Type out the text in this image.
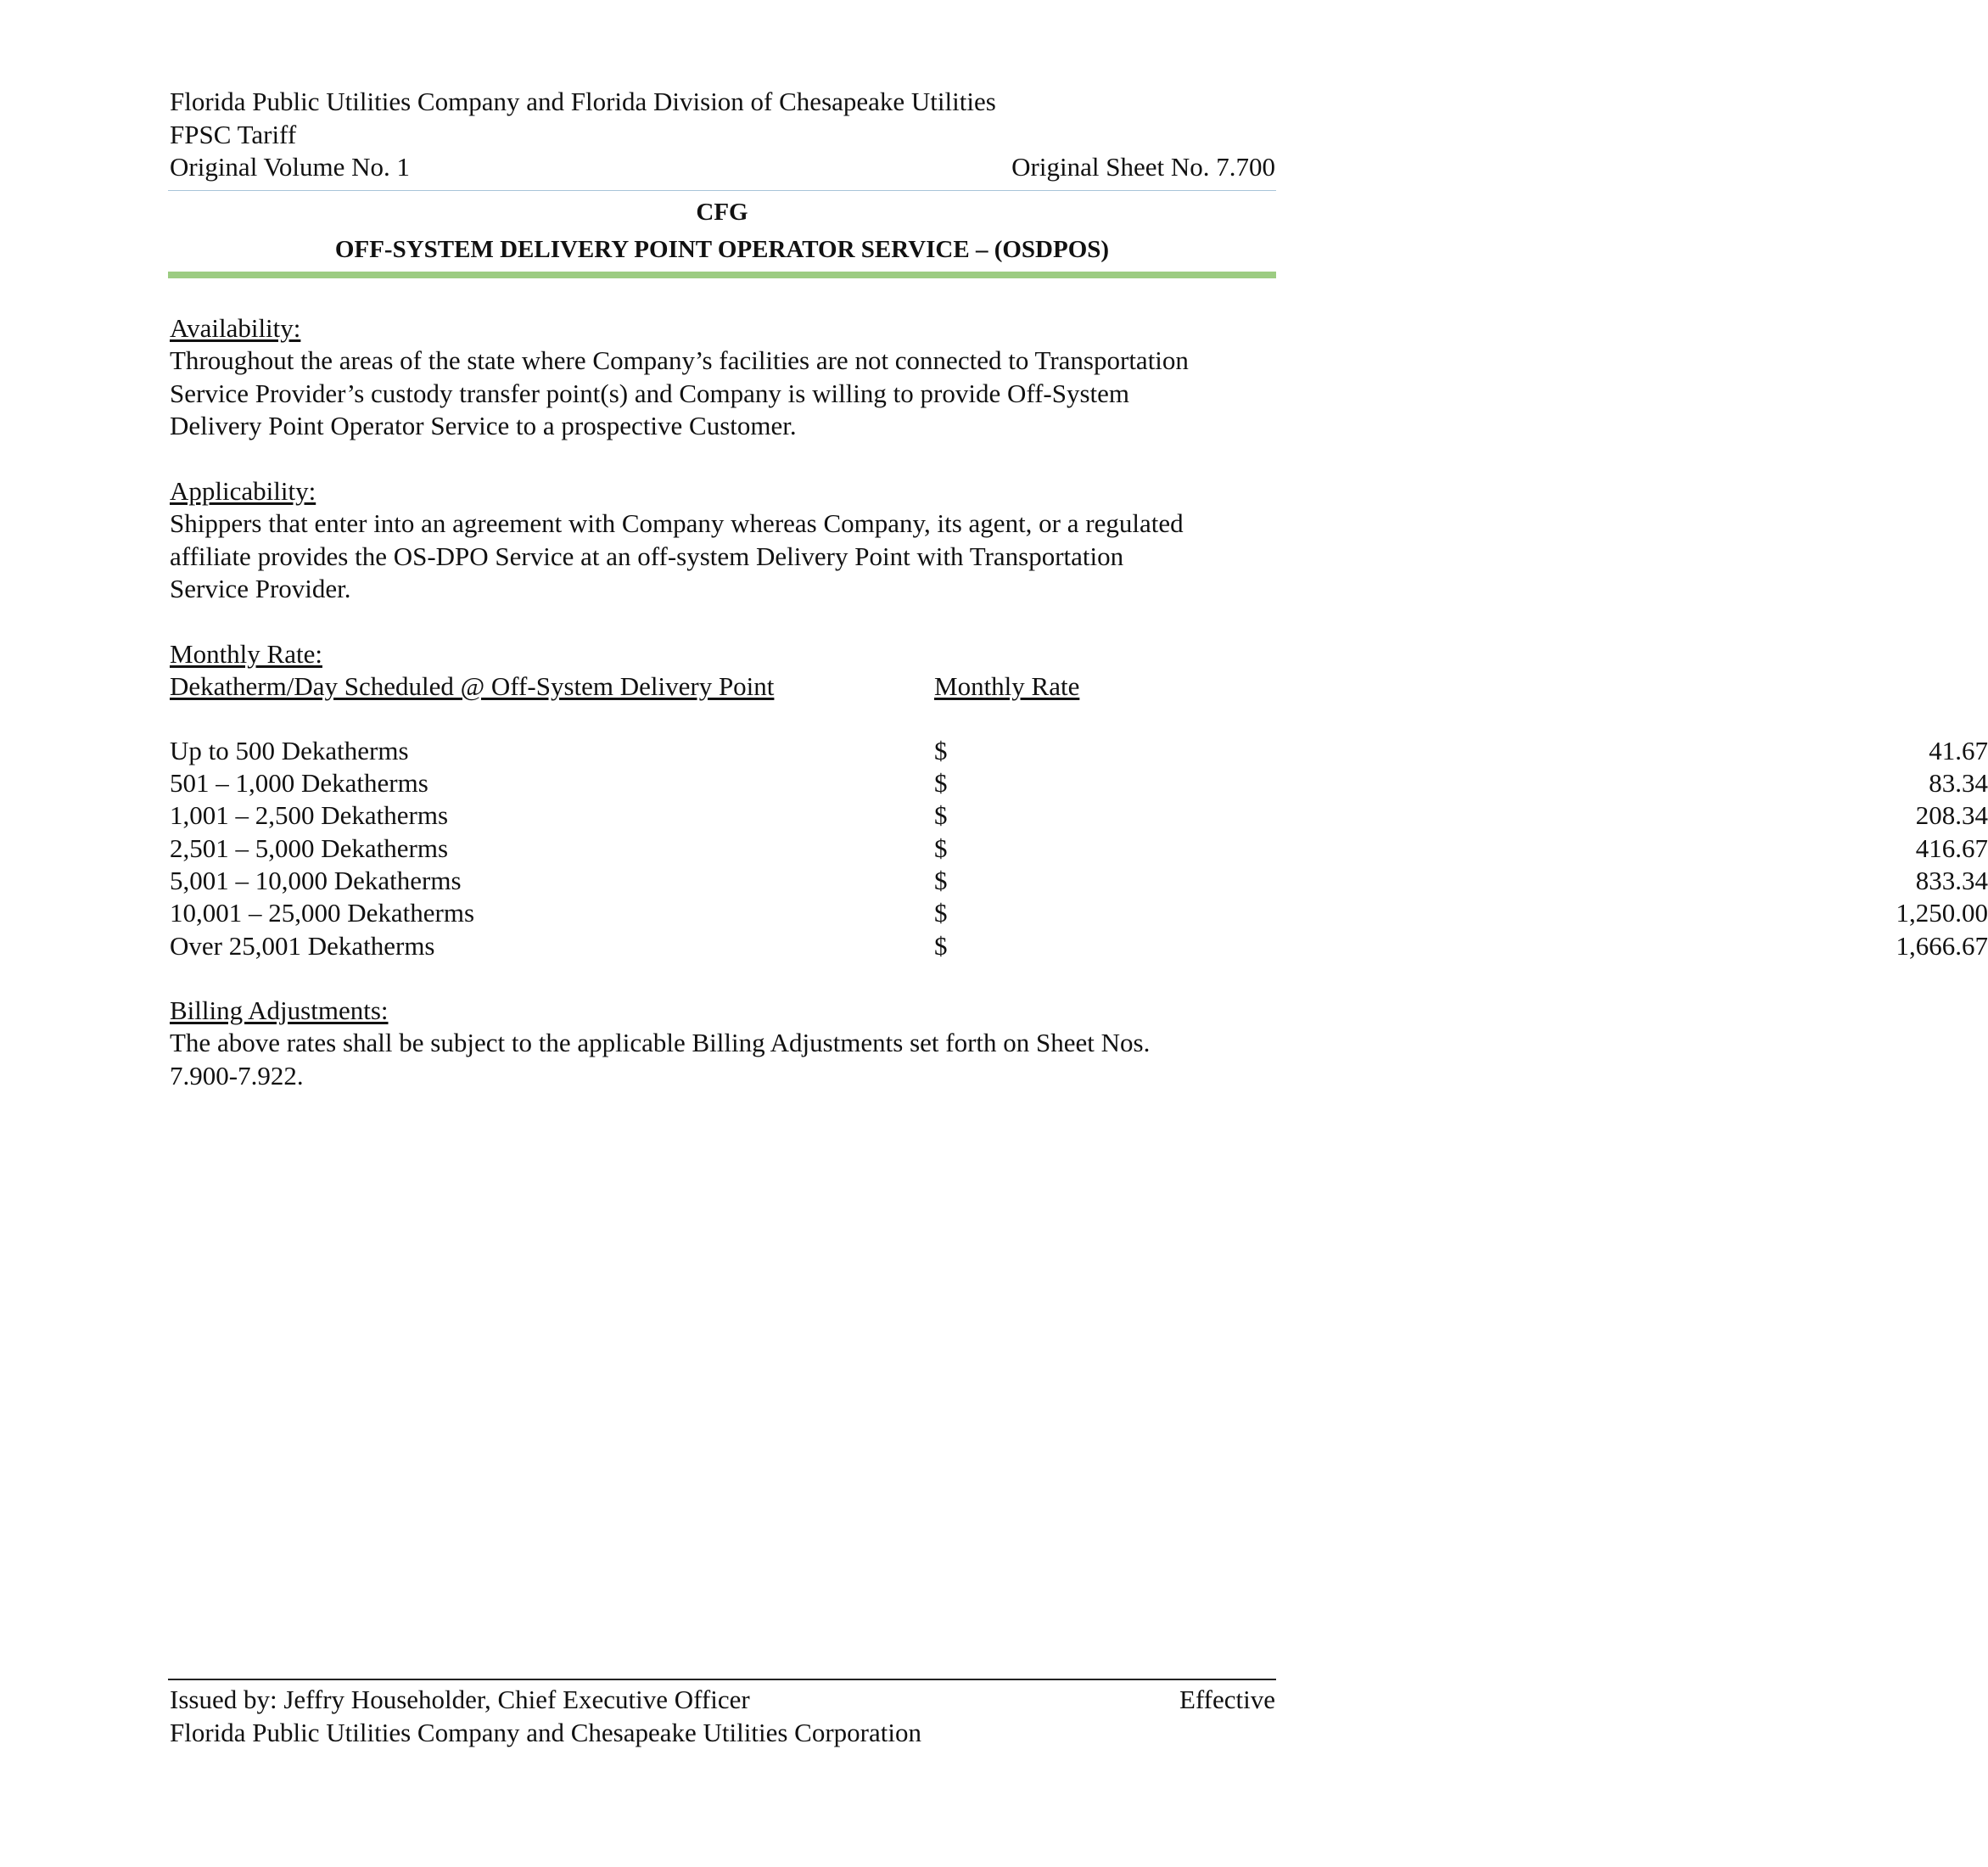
Florida Public Utilities Company and Florida Division of Chesapeake Utilities
FPSC Tariff
Original Volume No. 1	Original Sheet No. 7.700
CFG
OFF-SYSTEM DELIVERY POINT OPERATOR SERVICE – (OSDPOS)
Availability:
Throughout the areas of the state where Company’s facilities are not connected to Transportation
Service Provider’s custody transfer point(s) and Company is willing to provide Off-System
Delivery Point Operator Service to a prospective Customer.
Applicability:
Shippers that enter into an agreement with Company whereas Company, its agent, or a regulated
affiliate provides the OS-DPO Service at an off-system Delivery Point with Transportation
Service Provider.
Monthly Rate:
Dekatherm/Day Scheduled @ Off-System Delivery Point	Monthly Rate
Up to 500 Dekatherms	$	41.67
501 – 1,000 Dekatherms	$	83.34
1,001 – 2,500 Dekatherms	$	208.34
2,501 – 5,000 Dekatherms	$	416.67
5,001 – 10,000 Dekatherms	$	833.34
10,001 – 25,000 Dekatherms	$	1,250.00
Over 25,001 Dekatherms	$	1,666.67
Billing Adjustments:
The above rates shall be subject to the applicable Billing Adjustments set forth on Sheet Nos.
7.900-7.922.
Issued by: Jeffry Householder, Chief Executive Officer	Effective
Florida Public Utilities Company and Chesapeake Utilities Corporation
